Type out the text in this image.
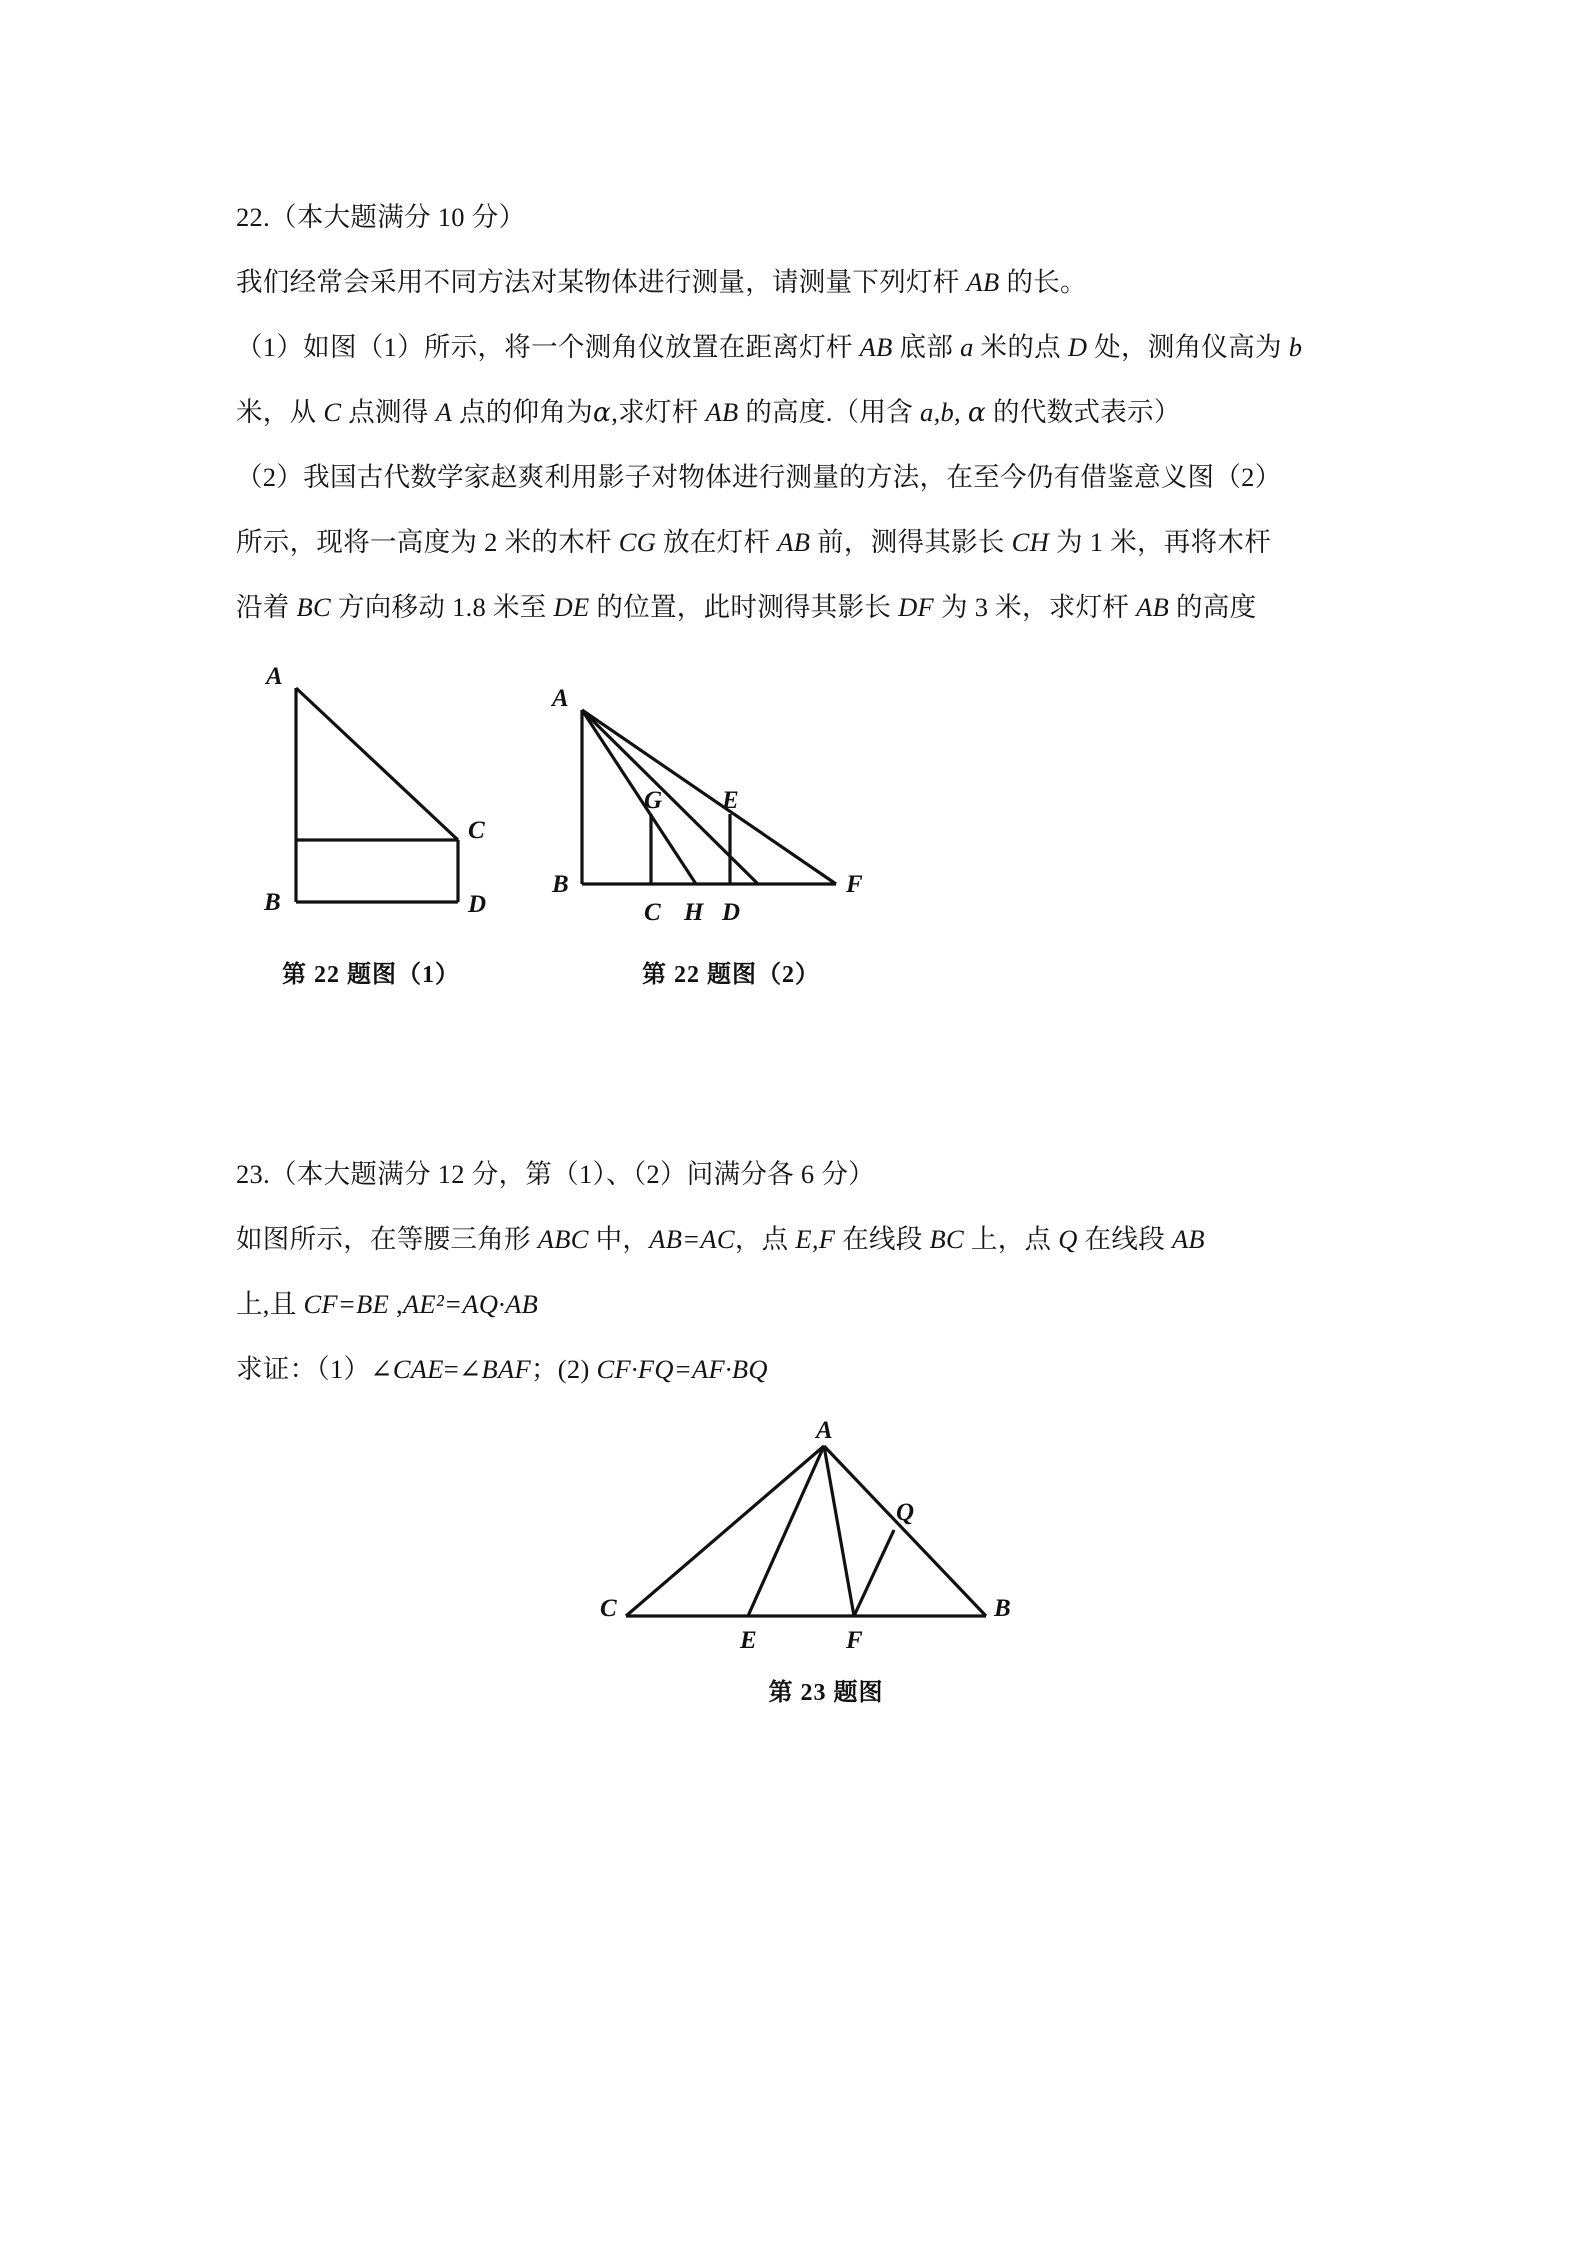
22.（本大题满分 10 分）
我们经常会采用不同方法对某物体进行测量，请测量下列灯杆 AB 的长。
（1）如图（1）所示，将一个测角仪放置在距离灯杆 AB 底部 a 米的点 D 处，测角仪高为 b
米，从 C 点测得 A 点的仰角为α,求灯杆 AB 的高度.（用含 a,b, α 的代数式表示）
（2）我国古代数学家赵爽利用影子对物体进行测量的方法，在至今仍有借鉴意义图（2）
所示，现将一高度为 2 米的木杆 CG 放在灯杆 AB 前，测得其影长 CH 为 1 米，再将木杆
沿着 BC 方向移动 1.8 米至 DE 的位置，此时测得其影长 DF 为 3 米，求灯杆 AB 的高度
A
B
C
D
第 22 题图（1）
A
B
C D
E
F
G
H
第 22 题图（2）
23.（本大题满分 12 分，第（1）、（2）问满分各 6 分）
如图所示，在等腰三角形 ABC 中，AB=AC，点 E,F 在线段 BC 上，点 Q 在线段 AB
上,且 CF=BE ,AE²=AQ·AB
求证：（1）∠CAE=∠BAF；(2) CF·FQ=AF·BQ
A
B
C
E	F
Q
第 23 题图
